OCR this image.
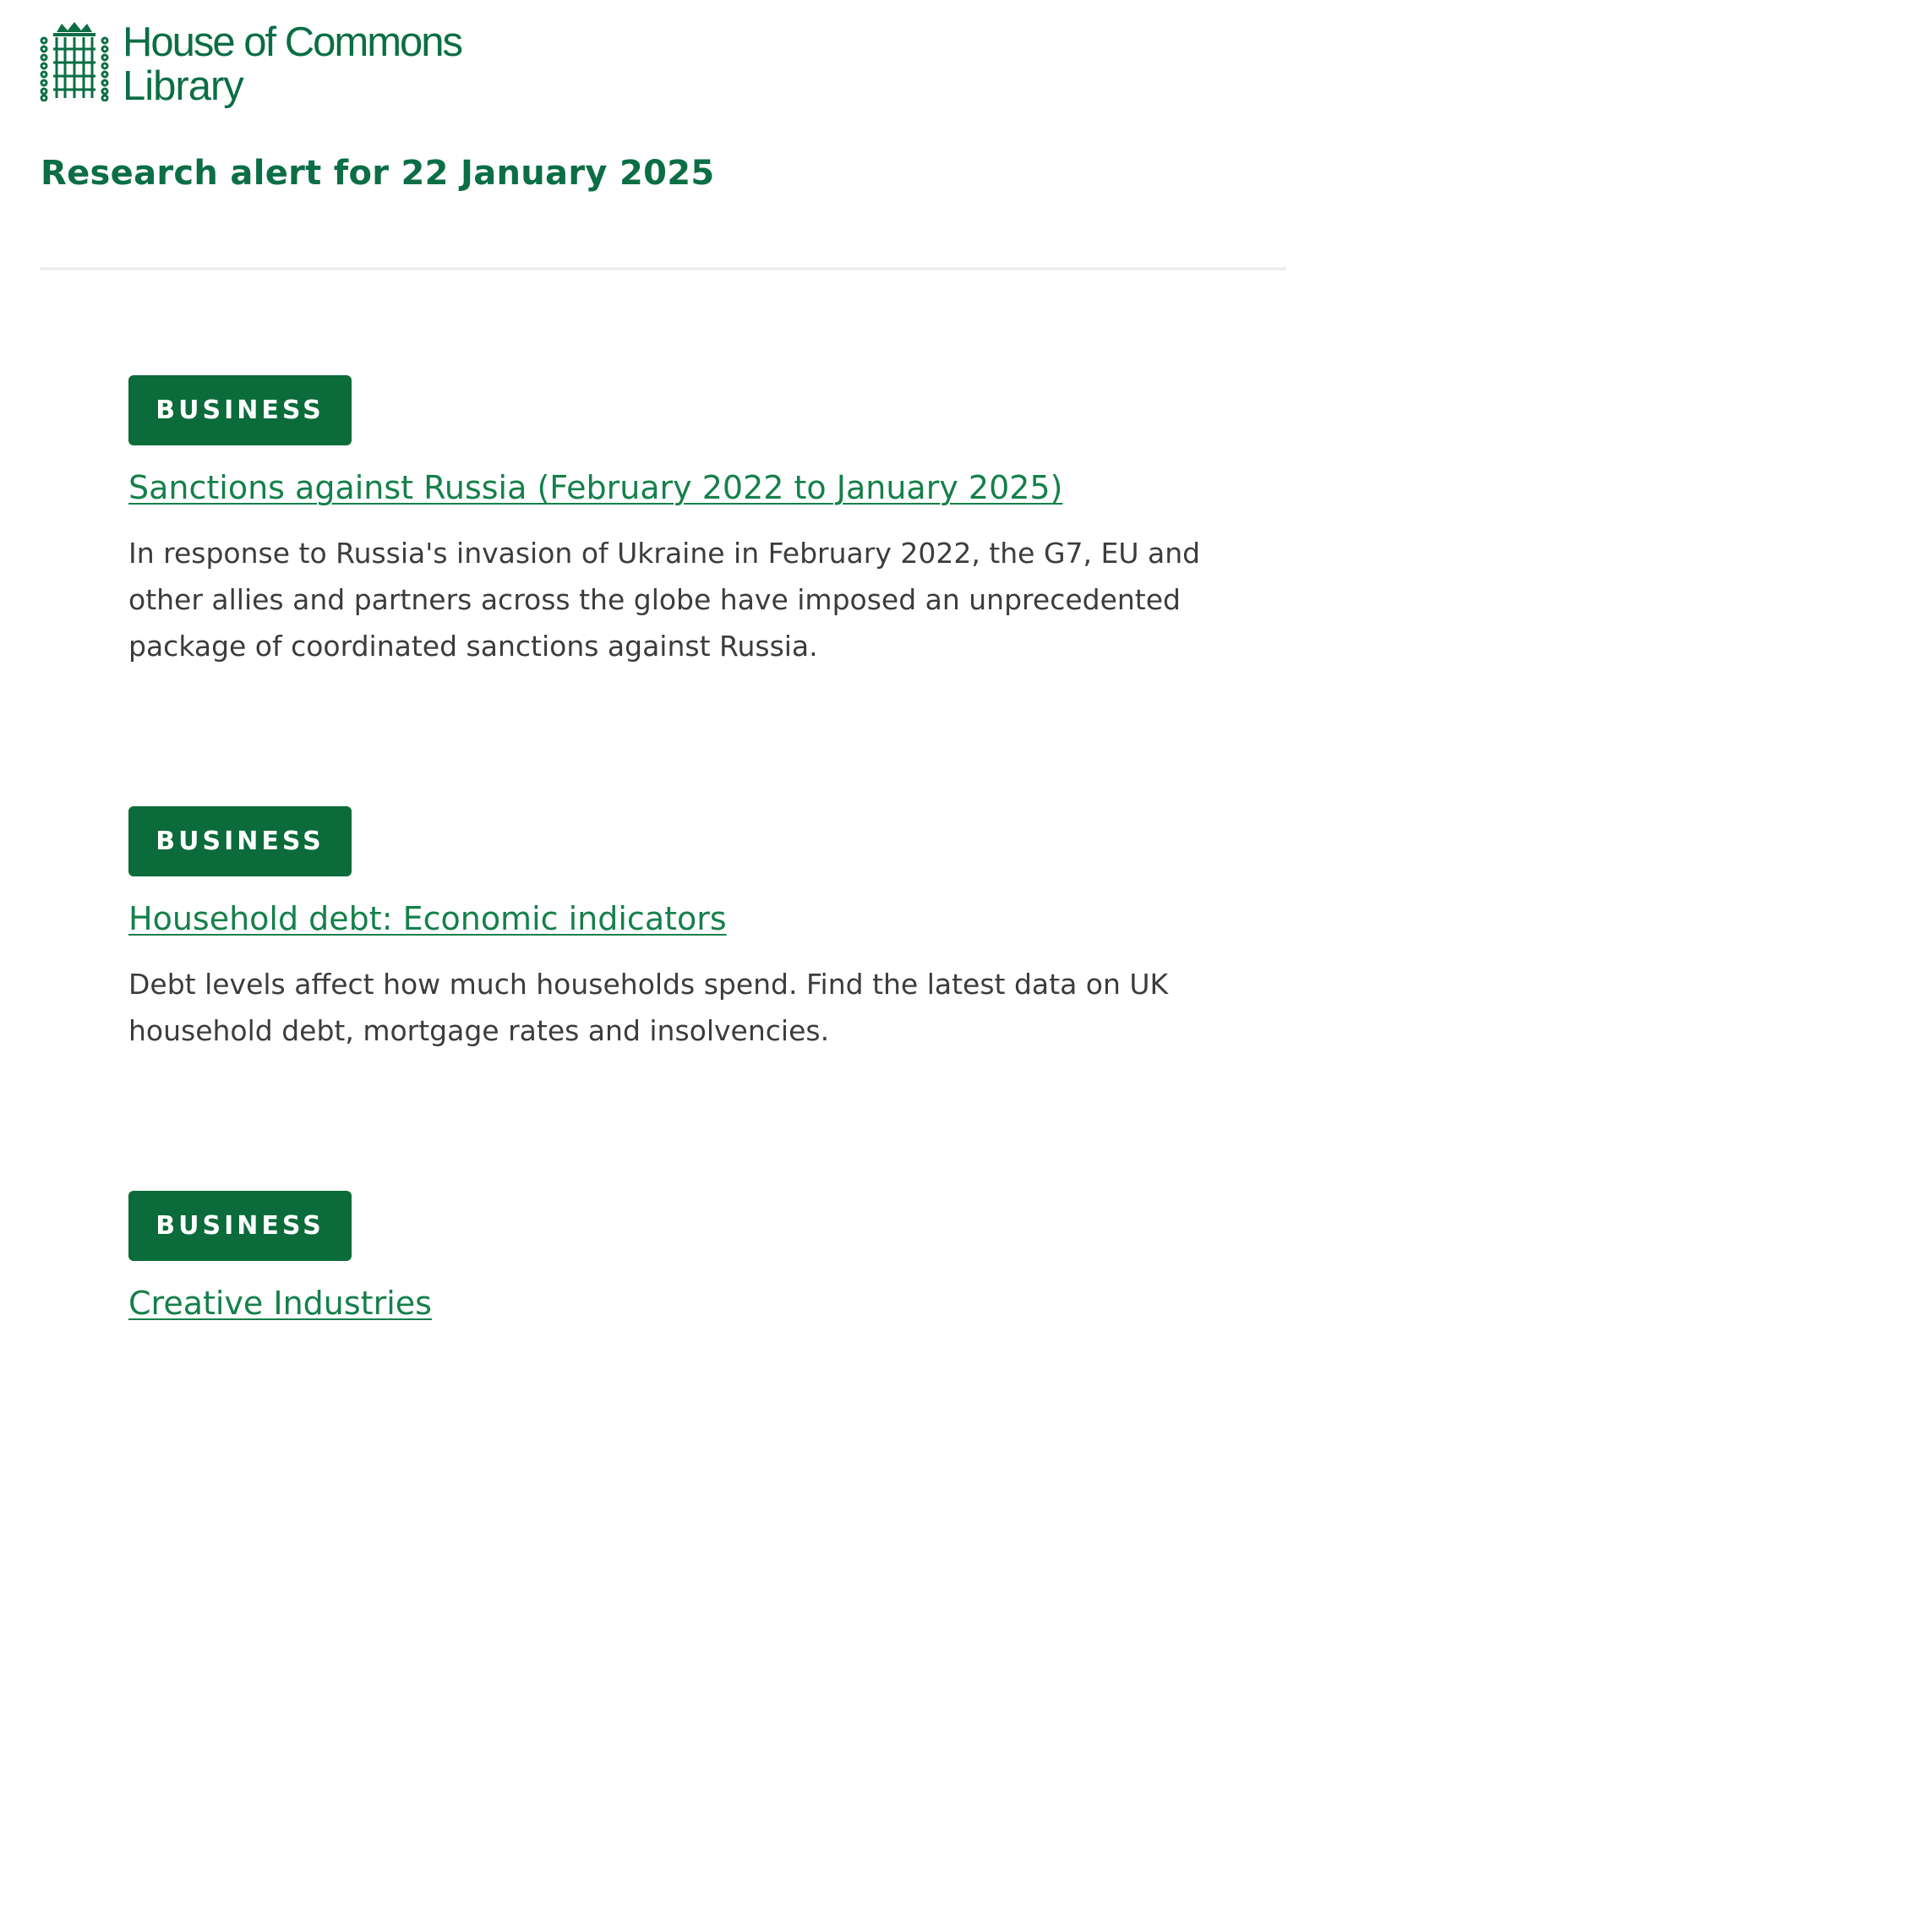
House of Commons
Library
Research alert for 22 January 2025
BUSINESS
Sanctions against Russia (February 2022 to January 2025)

In response to Russia's invasion of Ukraine in February 2022, the G7, EU and other allies and partners across the globe have imposed an unprecedented package of coordinated sanctions against Russia.

BUSINESS
Household debt: Economic indicators

Debt levels affect how much households spend. Find the latest data on UK household debt, mortgage rates and insolvencies.

BUSINESS
Creative Industries
